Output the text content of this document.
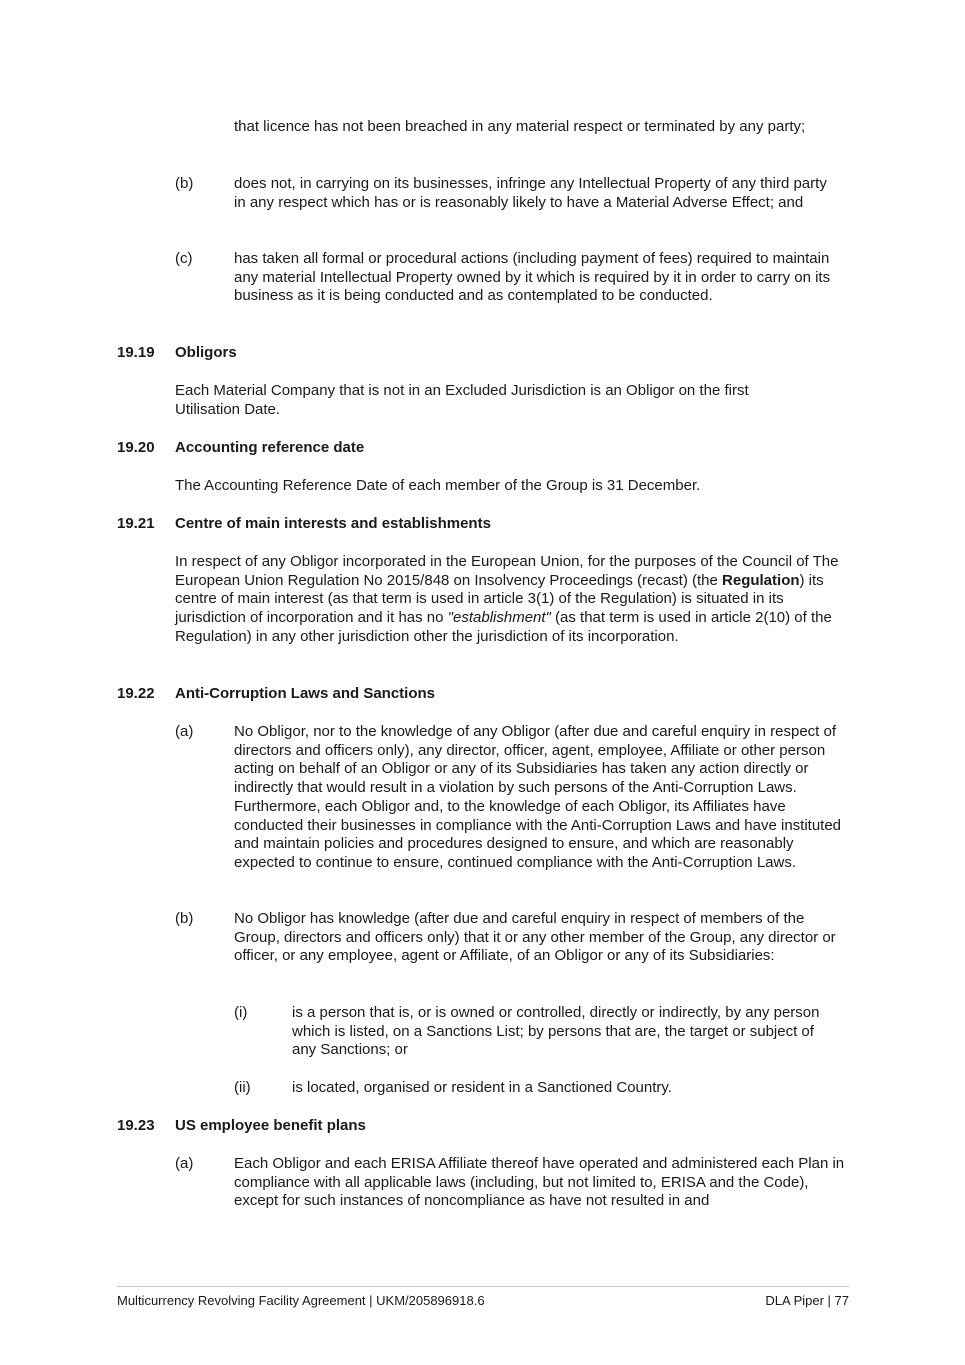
that licence has not been breached in any material respect or terminated by any party;
(b)	does not, in carrying on its businesses, infringe any Intellectual Property of any third party in any respect which has or is reasonably likely to have a Material Adverse Effect; and
(c)	has taken all formal or procedural actions (including payment of fees) required to maintain any material Intellectual Property owned by it which is required by it in order to carry on its business as it is being conducted and as contemplated to be conducted.
19.19 Obligors
Each Material Company that is not in an Excluded Jurisdiction is an Obligor on the first Utilisation Date.
19.20 Accounting reference date
The Accounting Reference Date of each member of the Group is 31 December.
19.21 Centre of main interests and establishments
In respect of any Obligor incorporated in the European Union, for the purposes of the Council of The European Union Regulation No 2015/848 on Insolvency Proceedings (recast) (the Regulation) its centre of main interest (as that term is used in article 3(1) of the Regulation) is situated in its jurisdiction of incorporation and it has no "establishment" (as that term is used in article 2(10) of the Regulation) in any other jurisdiction other the jurisdiction of its incorporation.
19.22 Anti-Corruption Laws and Sanctions
(a)	No Obligor, nor to the knowledge of any Obligor (after due and careful enquiry in respect of directors and officers only), any director, officer, agent, employee, Affiliate or other person acting on behalf of an Obligor or any of its Subsidiaries has taken any action directly or indirectly that would result in a violation by such persons of the Anti-Corruption Laws. Furthermore, each Obligor and, to the knowledge of each Obligor, its Affiliates have conducted their businesses in compliance with the Anti-Corruption Laws and have instituted and maintain policies and procedures designed to ensure, and which are reasonably expected to continue to ensure, continued compliance with the Anti-Corruption Laws.
(b)	No Obligor has knowledge (after due and careful enquiry in respect of members of the Group, directors and officers only) that it or any other member of the Group, any director or officer, or any employee, agent or Affiliate, of an Obligor or any of its Subsidiaries:
(i)	is a person that is, or is owned or controlled, directly or indirectly, by any person which is listed, on a Sanctions List; by persons that are, the target or subject of any Sanctions; or
(ii)	is located, organised or resident in a Sanctioned Country.
19.23 US employee benefit plans
(a)	Each Obligor and each ERISA Affiliate thereof have operated and administered each Plan in compliance with all applicable laws (including, but not limited to, ERISA and the Code), except for such instances of noncompliance as have not resulted in and
Multicurrency Revolving Facility Agreement | UKM/205896918.6	DLA Piper | 77
